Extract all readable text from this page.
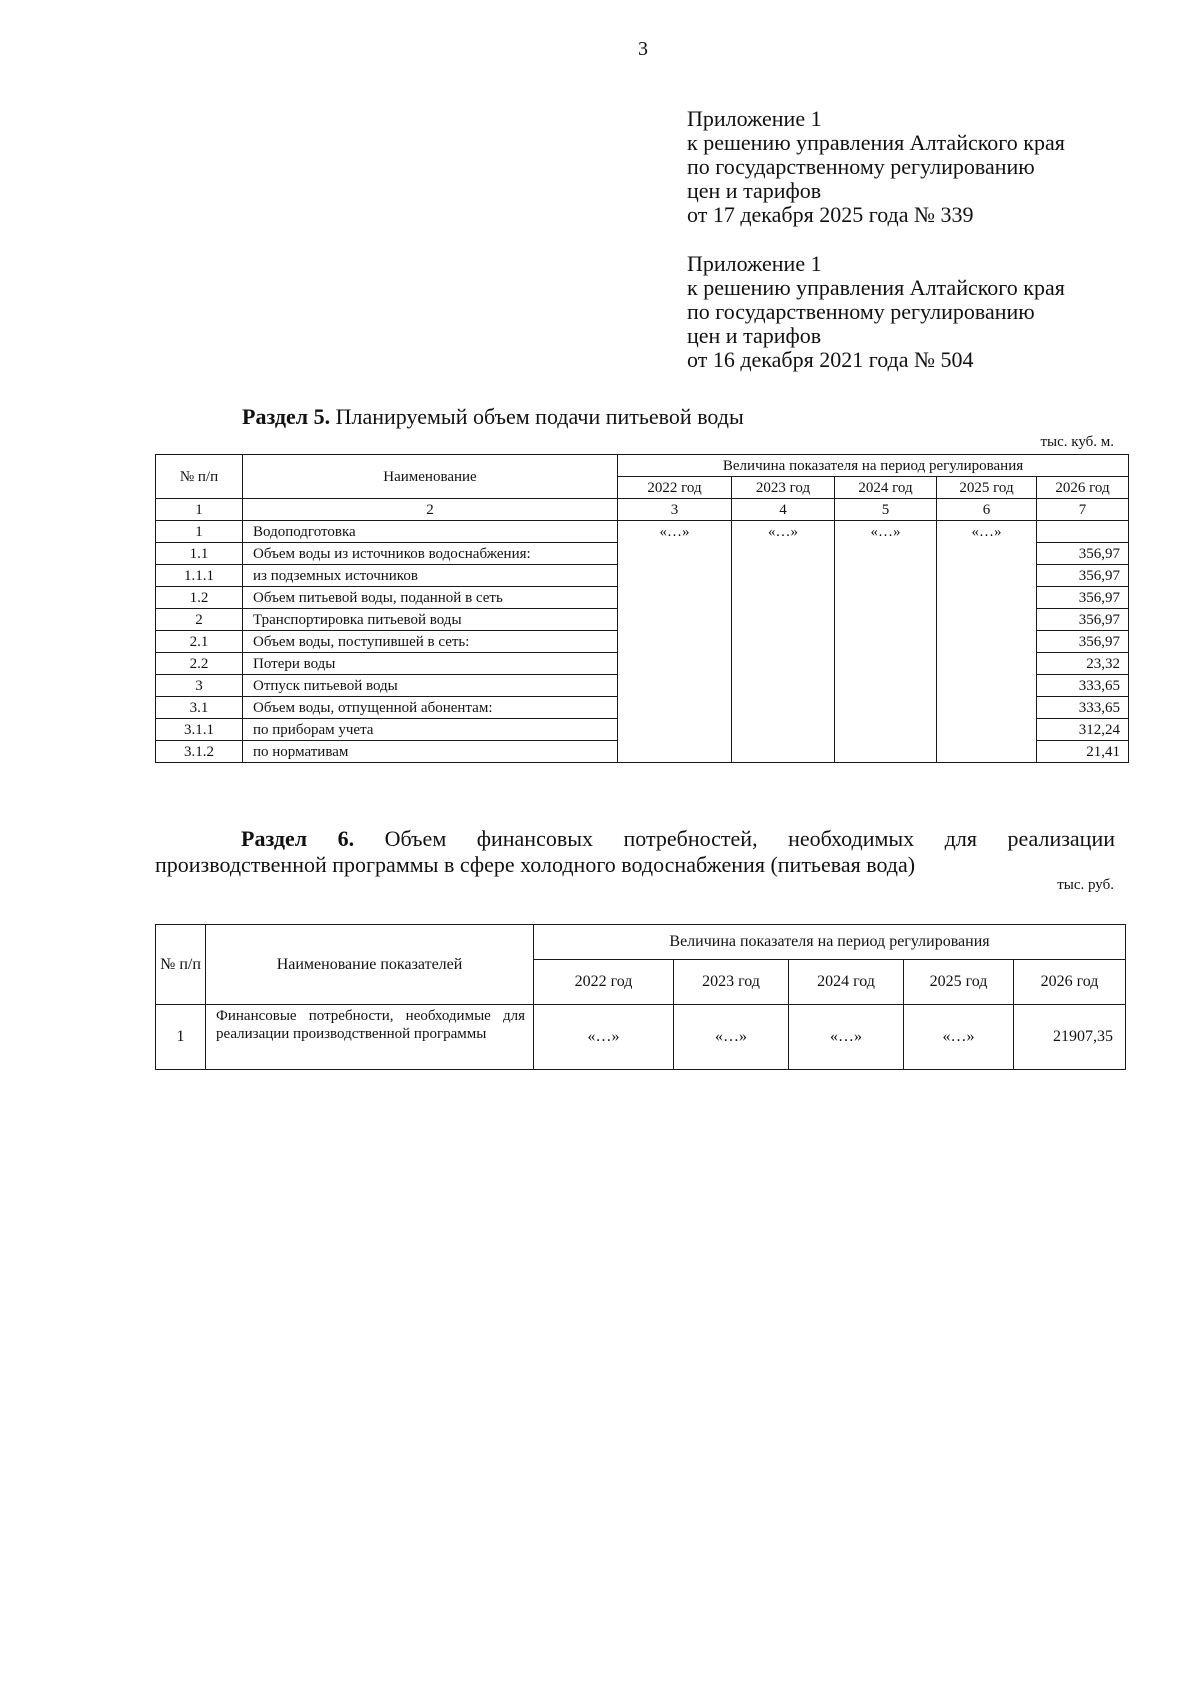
3
Приложение 1
к решению управления Алтайского края
по государственному регулированию
цен и тарифов
от 17 декабря 2025 года № 339
Приложение 1
к решению управления Алтайского края
по государственному регулированию
цен и тарифов
от 16 декабря 2021 года № 504
Раздел 5. Планируемый объем подачи питьевой воды
тыс. куб. м.
№ п/п	Наименование	Величина показателя на период регулирования				
		2022 год	2023 год	2024 год	2025 год	2026 год
1	2	3	4	5	6	7
1	Водоподготовка	«…»	«…»	«…»	«…»	
1.1	Объем воды из источников водоснабжения:					356,97
1.1.1	из подземных источников					356,97
1.2	Объем питьевой воды, поданной в сеть					356,97
2	Транспортировка питьевой воды					356,97
2.1	Объем воды, поступившей в сеть:					356,97
2.2	Потери воды					23,32
3	Отпуск питьевой воды					333,65
3.1	Объем воды, отпущенной абонентам:					333,65
3.1.1	по приборам учета					312,24
3.1.2	по нормативам					21,41
Раздел 6. Объем финансовых потребностей, необходимых для реализации производственной программы в сфере холодного водоснабжения (питьевая вода)
тыс. руб.
№ п/п	Наименование показателей	Величина показателя на период регулирования				
		2022 год	2023 год	2024 год	2025 год	2026 год
1	Финансовые потребности, необходимые для реализации производственной программы	«…»	«…»	«…»	«…»	21907,35
